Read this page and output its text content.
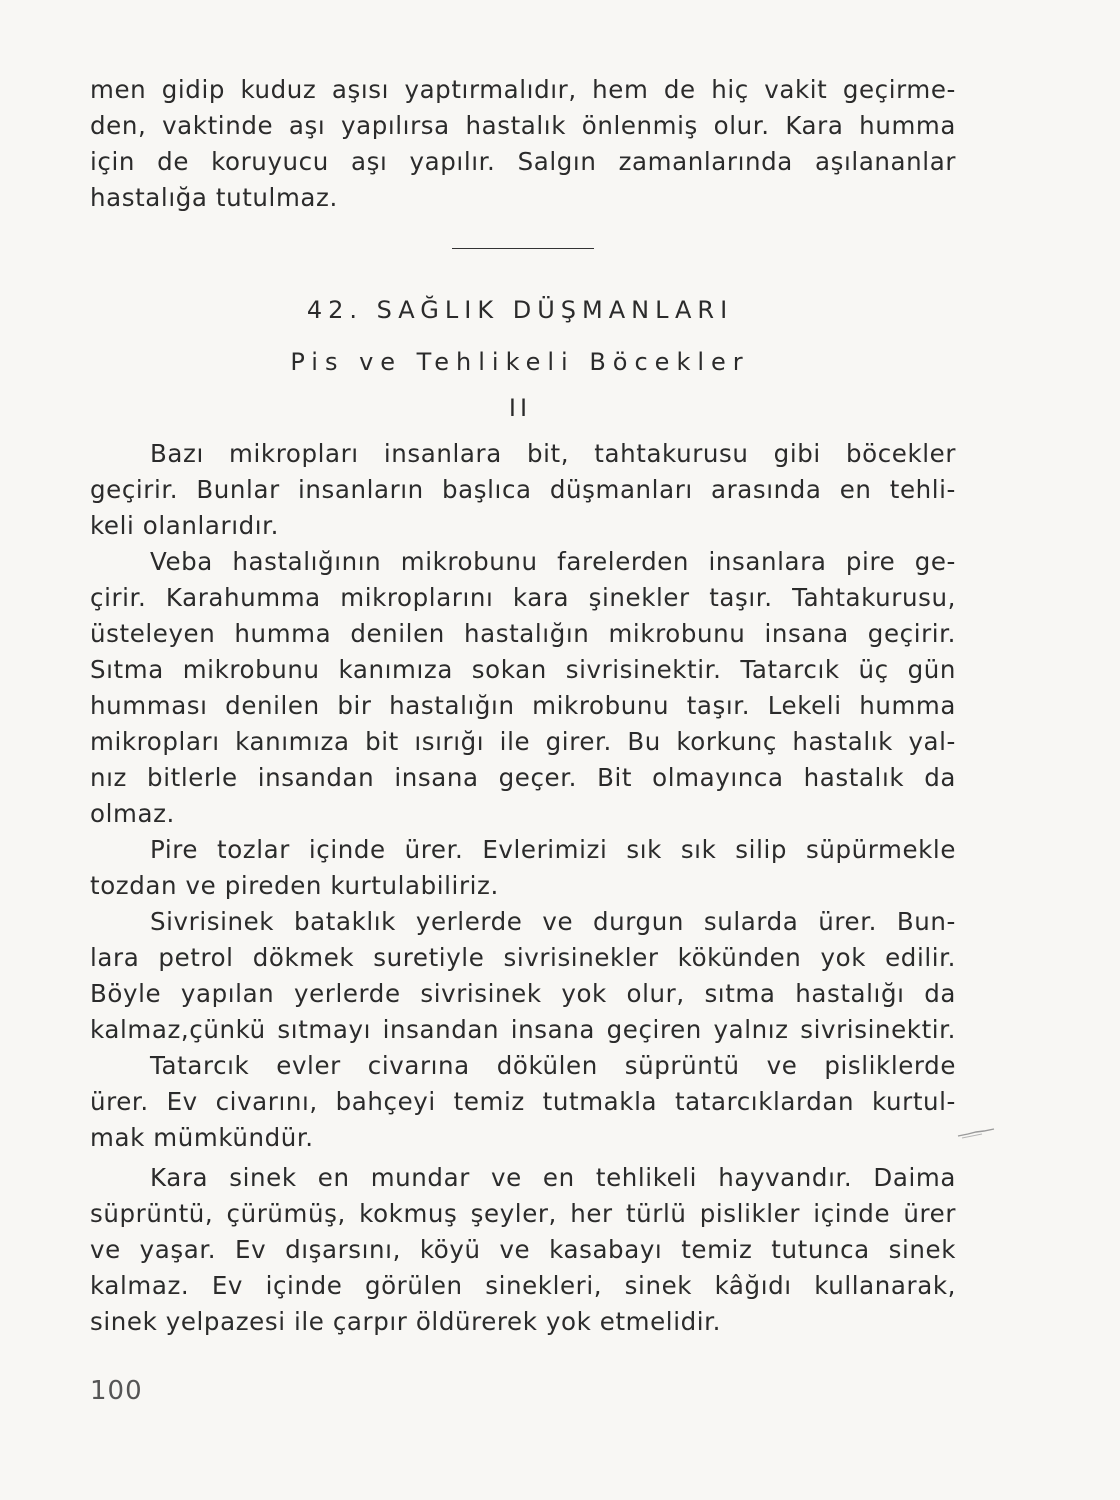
men gidip kuduz aşısı yaptırmalıdır, hem de hiç vakit geçirme-
den, vaktinde aşı yapılırsa hastalık önlenmiş olur. Kara humma
için de koruyucu aşı yapılır. Salgın zamanlarında aşılananlar
hastalığa tutulmaz.
42. SAĞLIK DÜŞMANLARI
Pis ve Tehlikeli Böcekler
II
Bazı mikropları insanlara bit, tahtakurusu gibi böcekler
geçirir. Bunlar insanların başlıca düşmanları arasında en tehli-
keli olanlarıdır.
Veba hastalığının mikrobunu farelerden insanlara pire ge-
çirir. Karahumma mikroplarını kara şinekler taşır. Tahtakurusu,
üsteleyen humma denilen hastalığın mikrobunu insana geçirir.
Sıtma mikrobunu kanımıza sokan sivrisinektir. Tatarcık üç gün
humması denilen bir hastalığın mikrobunu taşır. Lekeli humma
mikropları kanımıza bit ısırığı ile girer. Bu korkunç hastalık yal-
nız bitlerle insandan insana geçer. Bit olmayınca hastalık da
olmaz.
Pire tozlar içinde ürer. Evlerimizi sık sık silip süpürmekle
tozdan ve pireden kurtulabiliriz.
Sivrisinek bataklık yerlerde ve durgun sularda ürer. Bun-
lara petrol dökmek suretiyle sivrisinekler kökünden yok edilir.
Böyle yapılan yerlerde sivrisinek yok olur, sıtma hastalığı da
kalmaz,çünkü sıtmayı insandan insana geçiren yalnız sivrisinektir.
Tatarcık evler civarına dökülen süprüntü ve pisliklerde
ürer. Ev civarını, bahçeyi temiz tutmakla tatarcıklardan kurtul-
mak mümkündür.
Kara sinek en mundar ve en tehlikeli hayvandır. Daima
süprüntü, çürümüş, kokmuş şeyler, her türlü pislikler içinde ürer
ve yaşar. Ev dışarsını, köyü ve kasabayı temiz tutunca sinek
kalmaz. Ev içinde görülen sinekleri, sinek kâğıdı kullanarak,
sinek yelpazesi ile çarpır öldürerek yok etmelidir.
100
